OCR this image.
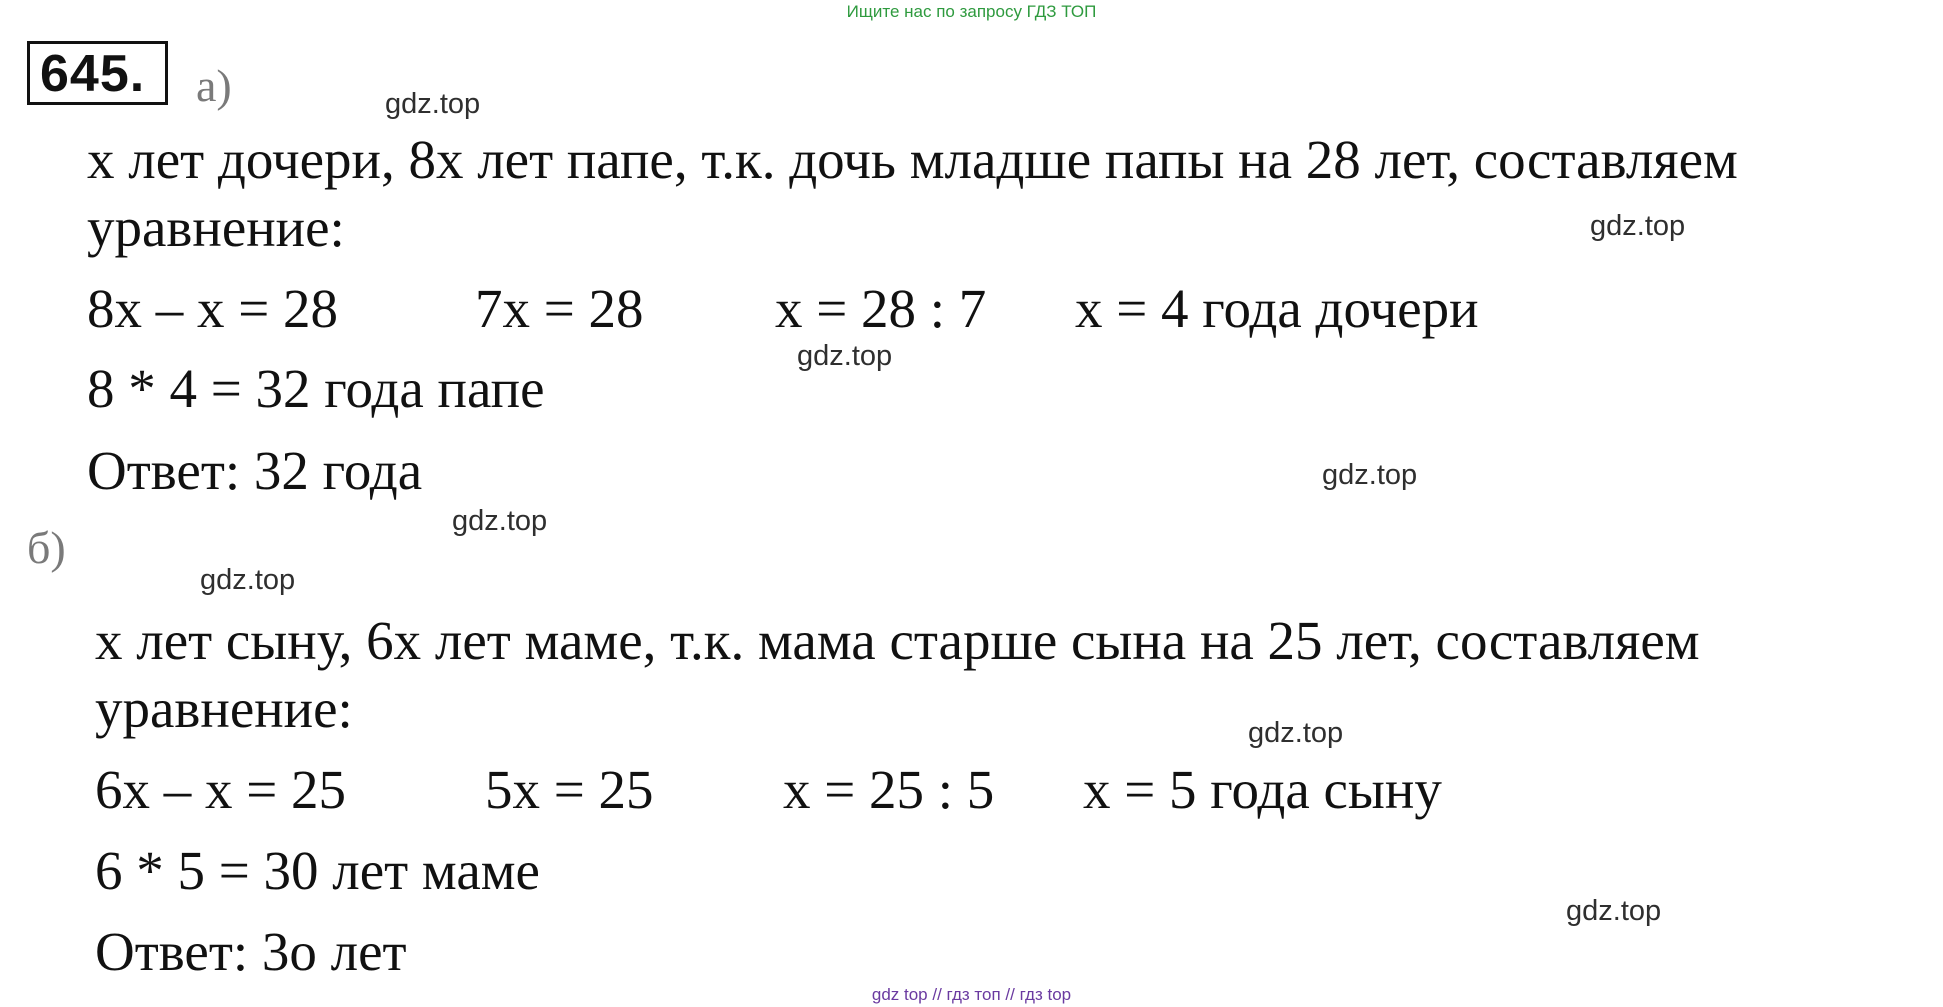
Ищите нас по запросу ГДЗ ТОП
645. а)	gdz.top
x лет дочери, 8x лет папе, т.к. дочь младше папы на 28 лет, составляем
уравнение:	gdz.top
8x – x = 28 7x = 28 x = 28 : 7 x = 4 года дочери
gdz.top
8 * 4 = 32 года папе
Ответ: 32 года	gdz.top
gdz.top
б)
gdz.top
x лет сыну, 6x лет маме, т.к. мама старше сына на 25 лет, составляем
уравнение:	gdz.top
6x – x = 25	5x = 25 x = 25 : 5 x = 5 года сыну
6 * 5 = 30 лет маме
gdz.top
Ответ: 3о лет
gdz top // гдз топ // гдз top
